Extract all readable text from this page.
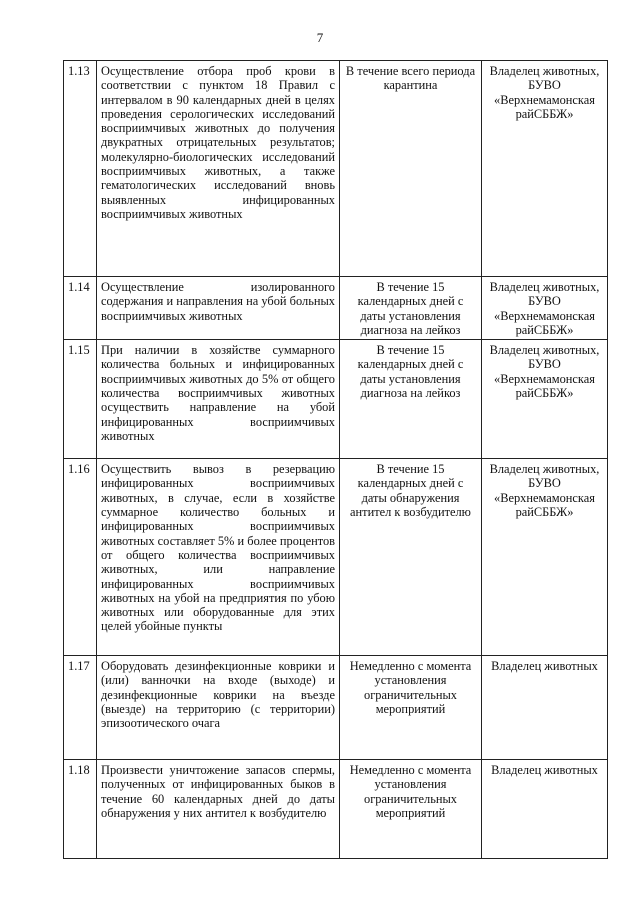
7
1.13	Осуществление отбора проб крови в соответствии с пунктом 18 Правил с интервалом в 90 календарных дней в целях проведения серологических исследований восприимчивых животных до получения двукратных отрицательных результатов; молекулярно-биологических исследований восприимчивых животных, а также гематологических исследований вновь выявленных инфицированных восприимчивых животных	В течение всего периода карантина	Владелец животных, БУВО «Верхнемамонская райСББЖ»
1.14	Осуществление изолированного содержания и направления на убой больных восприимчивых животных	В течение 15 календарных дней с даты установления диагноза на лейкоз	Владелец животных, БУВО «Верхнемамонская райСББЖ»
1.15	При наличии в хозяйстве суммарного количества больных и инфицированных восприимчивых животных до 5% от общего количества восприимчивых животных осуществить направление на убой инфицированных восприимчивых животных	В течение 15 календарных дней с даты установления диагноза на лейкоз	Владелец животных, БУВО «Верхнемамонская райСББЖ»
1.16	Осуществить вывоз в резервацию инфицированных восприимчивых животных, в случае, если в хозяйстве суммарное количество больных и инфицированных восприимчивых животных составляет 5% и более процентов от общего количества восприимчивых животных, или направление инфицированных восприимчивых животных на убой на предприятия по убою животных или оборудованные для этих целей убойные пункты	В течение 15 календарных дней с даты обнаружения антител к возбудителю	Владелец животных, БУВО «Верхнемамонская райСББЖ»
1.17	Оборудовать дезинфекционные коврики и (или) ванночки на входе (выходе) и дезинфекционные коврики на въезде (выезде) на территорию (с территории) эпизоотического очага	Немедленно с момента установления ограничительных мероприятий	Владелец животных
1.18	Произвести уничтожение запасов спермы, полученных от инфицированных быков в течение 60 календарных дней до даты обнаружения у них антител к возбудителю	Немедленно с момента установления ограничительных мероприятий	Владелец животных
